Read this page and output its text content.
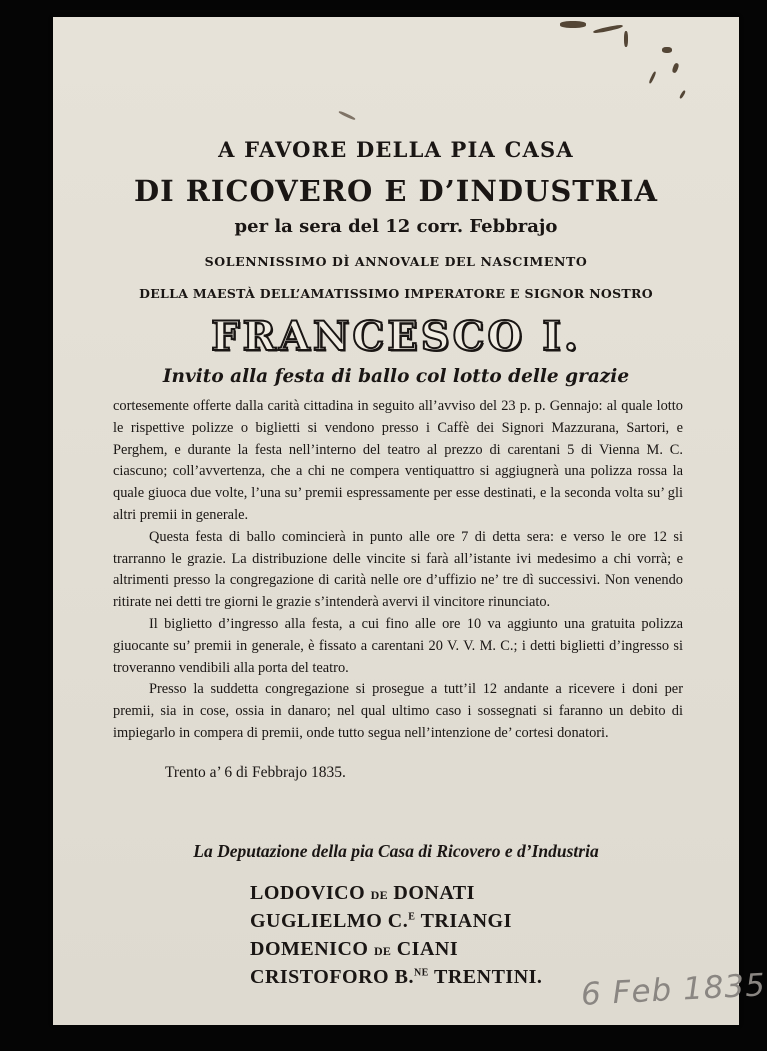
A FAVORE DELLA PIA CASA
DI RICOVERO E D’INDUSTRIA
per la sera del 12 corr. Febbrajo
SOLENNISSIMO DÌ ANNOVALE DEL NASCIMENTO
DELLA MAESTÀ DELL’AMATISSIMO IMPERATORE E SIGNOR NOSTRO
FRANCESCO I.
Invito alla festa di ballo col lotto delle grazie

cortesemente offerte dalla carità cittadina in seguito all’avviso del 23 p. p. Gennajo: al quale lotto le rispettive polizze o biglietti si vendono presso i Caffè dei Signori Mazzurana, Sartori, e Perghem, e durante la festa nell’interno del teatro al prezzo di carentani 5 di Vienna M. C. ciascuno; coll’avvertenza, che a chi ne compera ventiquattro si aggiugnerà una polizza rossa la quale giuoca due volte, l’una su’ premii espressamente per esse destinati, e la seconda volta su’ gli altri premii in generale.

Questa festa di ballo comincierà in punto alle ore 7 di detta sera: e verso le ore 12 si trarranno le grazie. La distribuzione delle vincite si farà all’istante ivi medesimo a chi vorrà; e altrimenti presso la congregazione di carità nelle ore d’uffizio ne’ tre dì successivi. Non venendo ritirate nei detti tre giorni le grazie s’intenderà avervi il vincitore rinunciato.

Il biglietto d’ingresso alla festa, a cui fino alle ore 10 va aggiunto una gratuita polizza giuocante su’ premii in generale, è fissato a carentani 20 V. V. M. C.; i detti biglietti d’ingresso si troveranno vendibili alla porta del teatro.

Presso la suddetta congregazione si prosegue a tutt’il 12 andante a ricevere i doni per premii, sia in cose, ossia in danaro; nel qual ultimo caso i sossegnati si faranno un debito di impiegarlo in compera di premii, onde tutto segua nell’intenzione de’ cortesi donatori.

Trento a’ 6 di Febbrajo 1835.
La Deputazione della pia Casa di Ricovero e d’Industria
LODOVICO DE DONATI
GUGLIELMO C.$^E$ TRIANGI
DOMENICO DE CIANI
CRISTOFORO B.$^{NE}$ TRENTINI. 6 Feb 1835
